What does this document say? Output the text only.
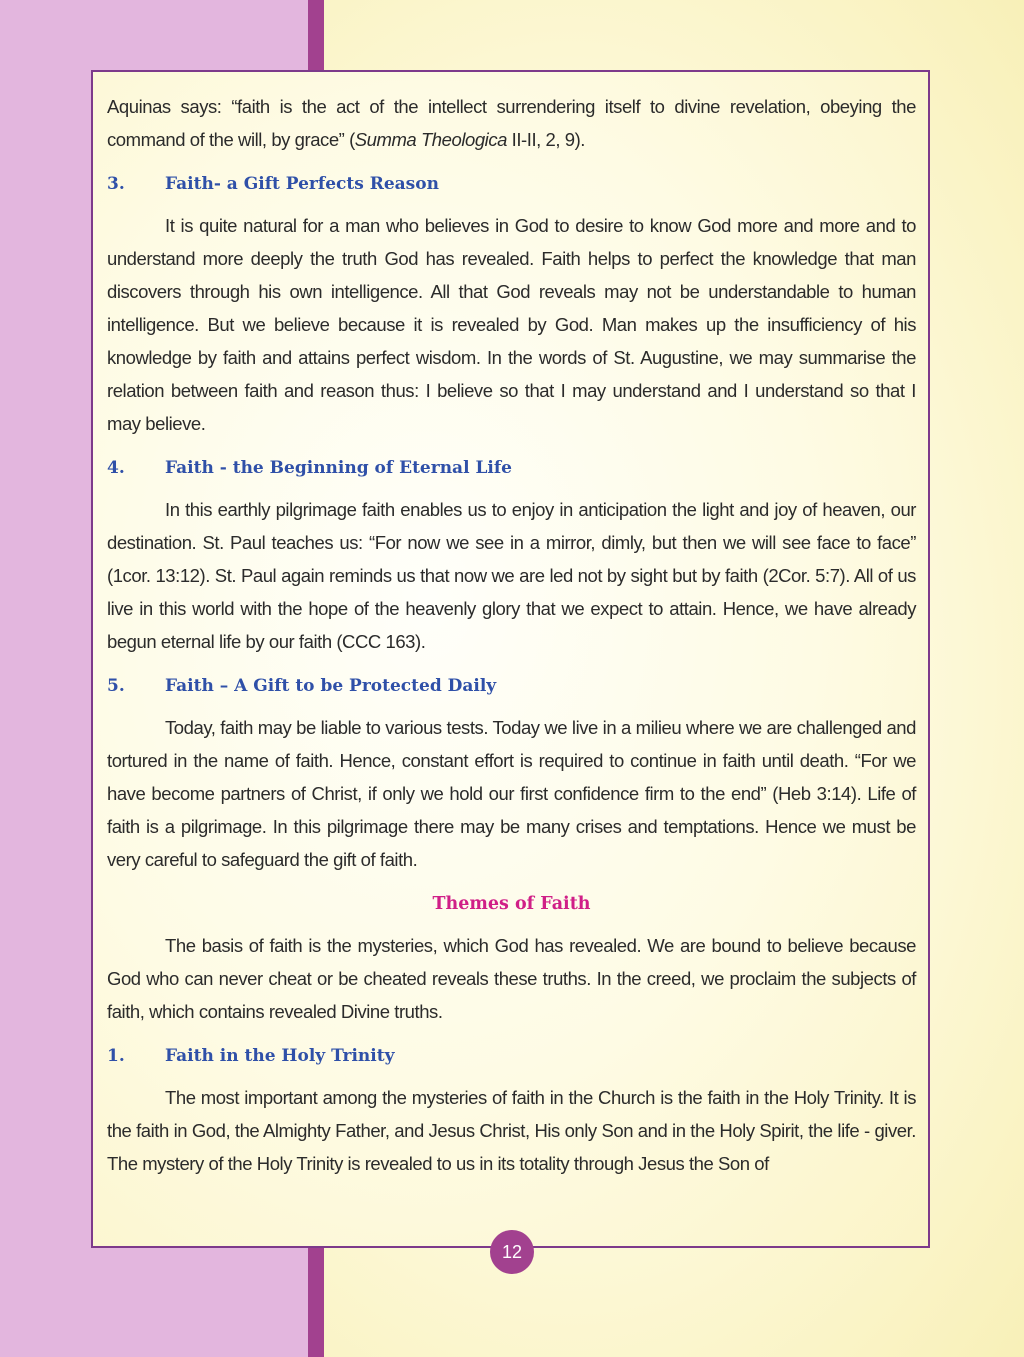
Aquinas says: “faith is the act of the intellect surrendering itself to divine revelation, obeying the command of the will, by grace” (Summa Theologica II-II, 2, 9).

3. Faith- a Gift Perfects Reason

It is quite natural for a man who believes in God to desire to know God more and more and to understand more deeply the truth God has revealed. Faith helps to perfect the knowledge that man discovers through his own intelligence. All that God reveals may not be understandable to human intelligence. But we believe because it is revealed by God. Man makes up the insufficiency of his knowledge by faith and attains perfect wisdom. In the words of St. Augustine, we may summarise the relation between faith and reason thus: I believe so that I may understand and I understand so that I may believe.

4. Faith - the Beginning of Eternal Life

In this earthly pilgrimage faith enables us to enjoy in anticipation the light and joy of heaven, our destination. St. Paul teaches us: “For now we see in a mirror, dimly, but then we will see face to face” (1cor. 13:12). St. Paul again reminds us that now we are led not by sight but by faith (2Cor. 5:7). All of us live in this world with the hope of the heavenly glory that we expect to attain. Hence, we have already begun eternal life by our faith (CCC 163).

5. Faith – A Gift to be Protected Daily

Today, faith may be liable to various tests. Today we live in a milieu where we are challenged and tortured in the name of faith. Hence, constant effort is required to continue in faith until death. “For we have become partners of Christ, if only we hold our first confidence firm to the end” (Heb 3:14). Life of faith is a pilgrimage. In this pilgrimage there may be many crises and temptations. Hence we must be very careful to safeguard the gift of faith.

Themes of Faith

The basis of faith is the mysteries, which God has revealed. We are bound to believe because God who can never cheat or be cheated reveals these truths. In the creed, we proclaim the subjects of faith, which contains revealed Divine truths.

1. Faith in the Holy Trinity

The most important among the mysteries of faith in the Church is the faith in the Holy Trinity. It is the faith in God, the Almighty Father, and Jesus Christ, His only Son and in the Holy Spirit, the life - giver. The mystery of the Holy Trinity is revealed to us in its totality through Jesus the Son of

12
